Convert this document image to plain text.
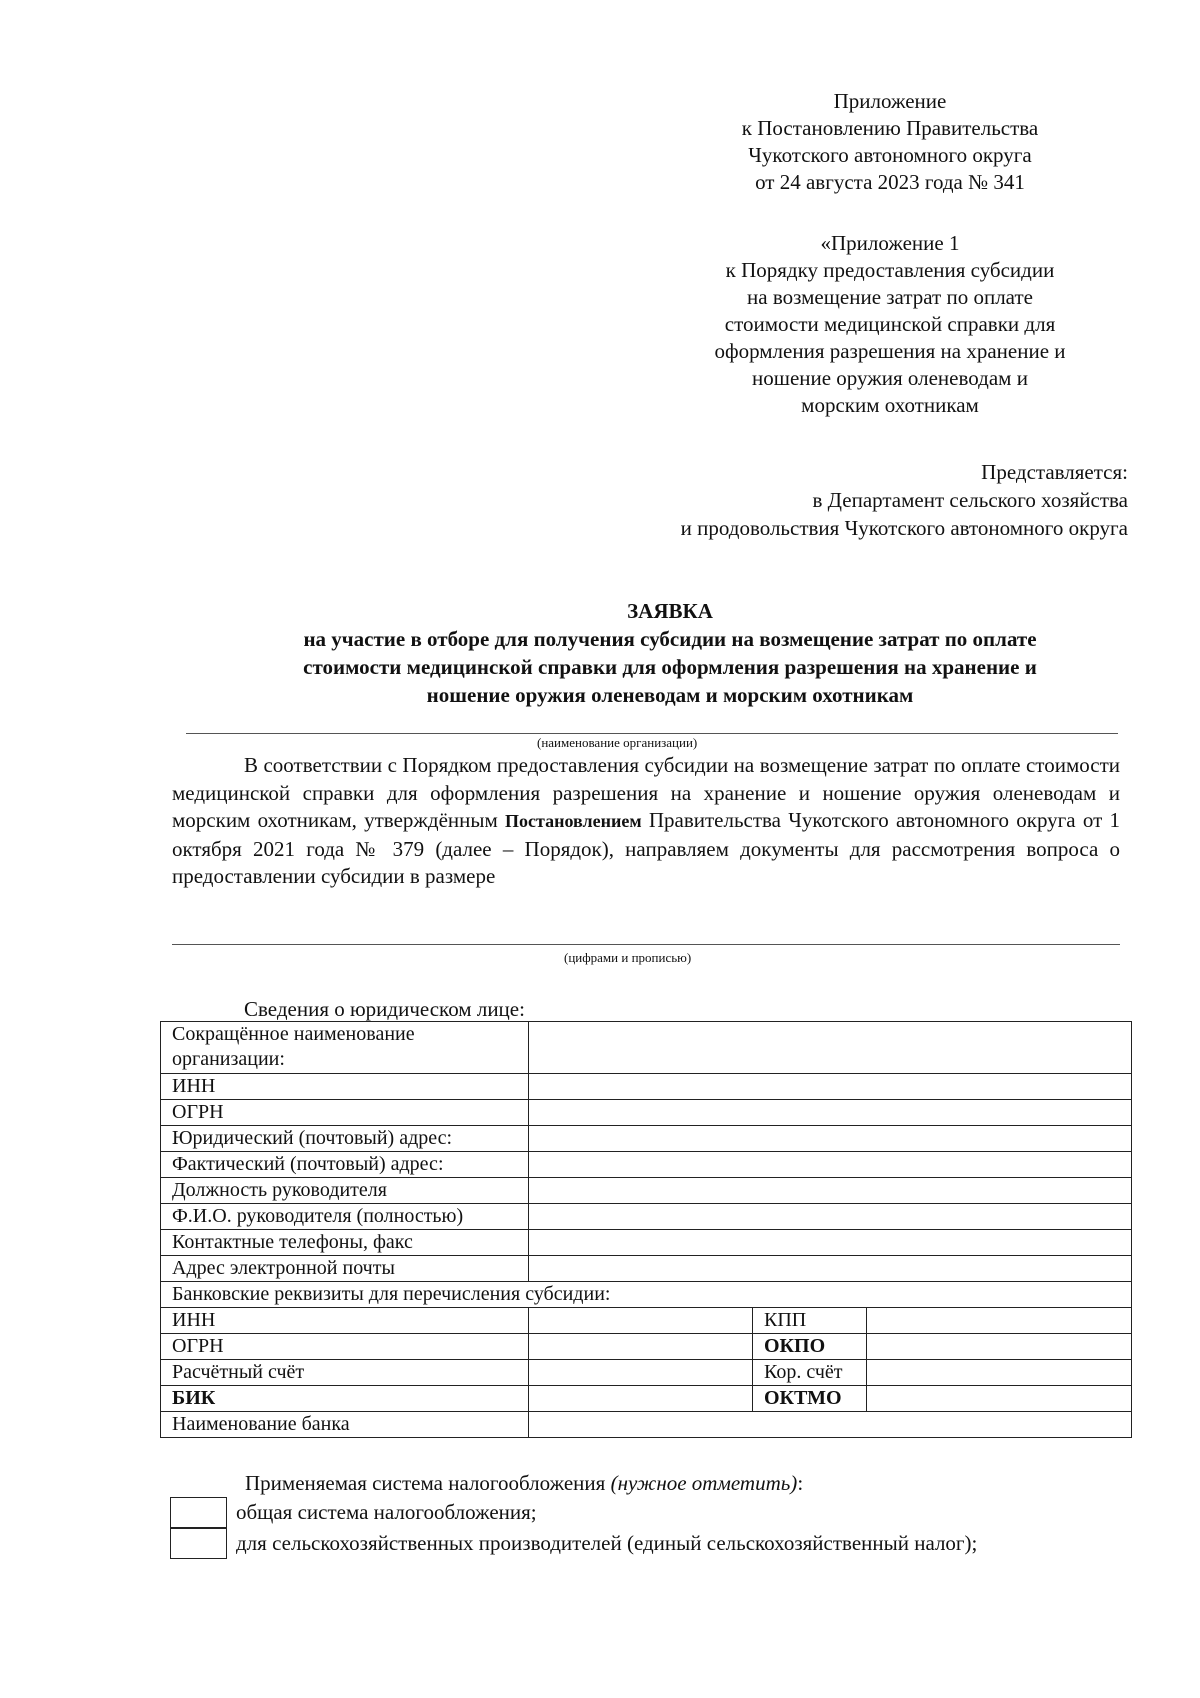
Приложение
к Постановлению Правительства
Чукотского автономного округа
от 24 августа 2023 года № 341
«Приложение 1
к Порядку предоставления субсидии
на возмещение затрат по оплате
стоимости медицинской справки для
оформления разрешения на хранение и
ношение оружия оленеводам и
морским охотникам
Представляется:
в Департамент сельского хозяйства
и продовольствия Чукотского автономного округа
ЗАЯВКА
на участие в отборе для получения субсидии на возмещение затрат по оплате
стоимости медицинской справки для оформления разрешения на хранение и
ношение оружия оленеводам и морским охотникам
(наименование организации)

В соответствии с Порядком предоставления субсидии на возмещение затрат по оплате стоимости медицинской справки для оформления разрешения на хранение и ношение оружия оленеводам и морским охотникам, утверждённым Постановлением Правительства Чукотского автономного округа от 1 октября 2021 года № 379 (далее – Порядок), направляем документы для рассмотрения вопроса о предоставлении субсидии в размере

(цифрами и прописью)
Сведения о юридическом лице:
Сокращённое наименование организации:			
ИНН			
ОГРН			
Юридический (почтовый) адрес:			
Фактический (почтовый) адрес:			
Должность руководителя			
Ф.И.О. руководителя (полностью)			
Контактные телефоны, факс			
Адрес электронной почты			
Банковские реквизиты для перечисления субсидии:			
ИНН		КПП	
ОГРН		ОКПО	
Расчётный счёт		Кор. счёт	
БИК		ОКТМО	
Наименование банка			
Применяемая система налогообложения (нужное отметить):
общая система налогообложения;
для сельскохозяйственных производителей (единый сельскохозяйственный налог);
